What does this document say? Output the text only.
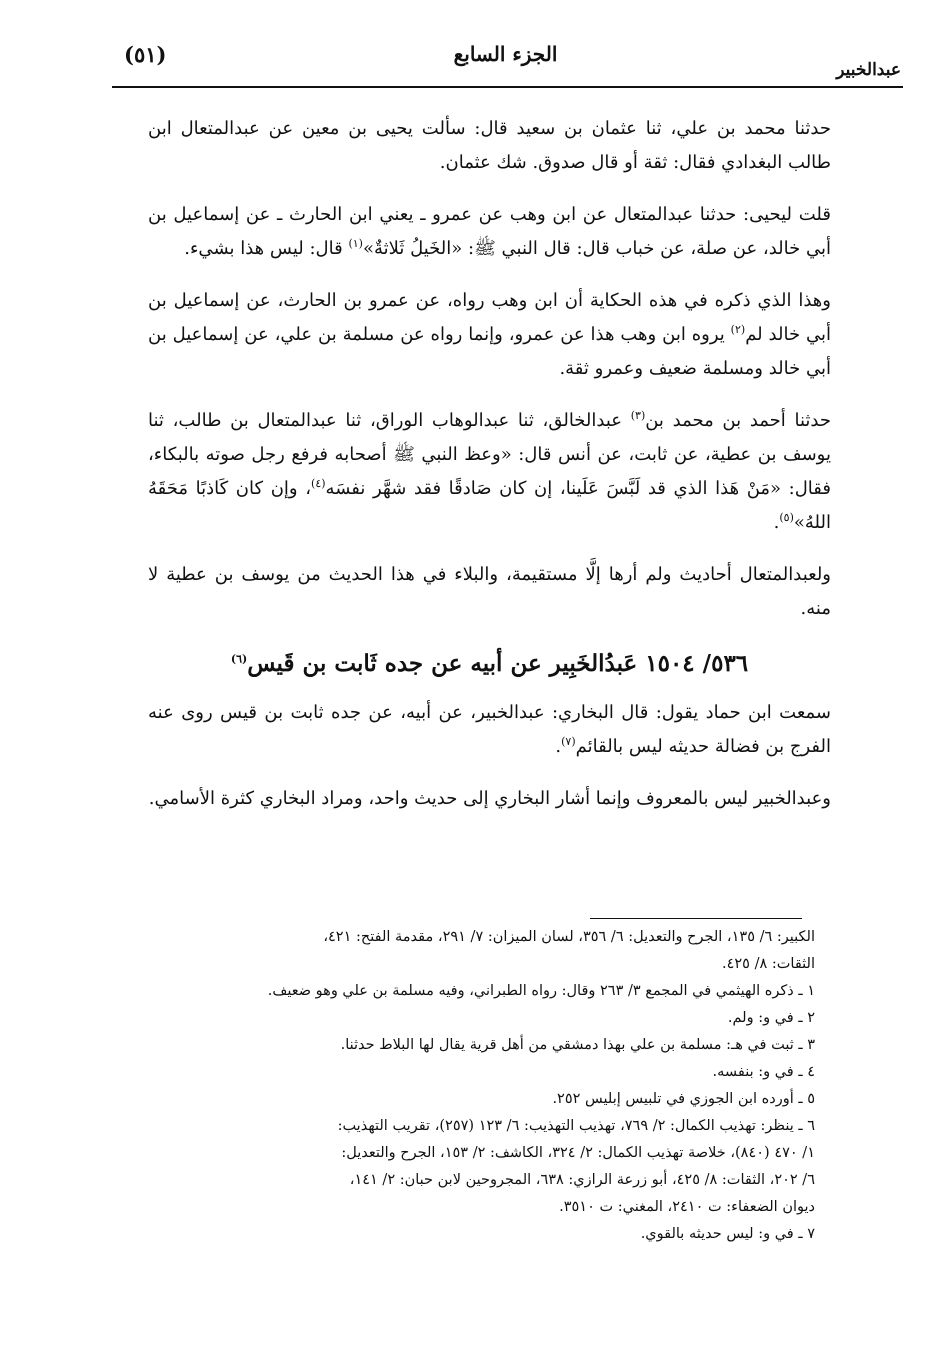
عبدالخبير
الجزء السابع
(٥١)

حدثنا محمد بن علي، ثنا عثمان بن سعيد قال: سألت يحيى بن معين عن عبدالمتعال ابن طالب البغدادي فقال: ثقة أو قال صدوق. شك عثمان.

قلت ليحيى: حدثنا عبدالمتعال عن ابن وهب عن عمرو ـ يعني ابن الحارث ـ عن إسماعيل بن أبي خالد، عن صلة، عن خباب قال: قال النبي ﷺ: «الخَيلُ ثَلاثةٌ»$^{(١)}$ قال: ليس هذا بشيء.

وهذا الذي ذكره في هذه الحكاية أن ابن وهب رواه، عن عمرو بن الحارث، عن إسماعيل بن أبي خالد لم$^{(٢)}$ يروه ابن وهب هذا عن عمرو، وإنما رواه عن مسلمة بن علي، عن إسماعيل بن أبي خالد ومسلمة ضعيف وعمرو ثقة.

حدثنا أحمد بن محمد بن$^{(٣)}$ عبدالخالق، ثنا عبدالوهاب الوراق، ثنا عبدالمتعال بن طالب، ثنا يوسف بن عطية، عن ثابت، عن أنس قال: «وعظ النبي ﷺ أصحابه فرفع رجل صوته بالبكاء، فقال: «مَنْ هَذا الذي قد لَبَّسَ عَلَينا، إن كان صَادقًا فقد شهَّر نفسَه$^{(٤)}$، وإن كان كَاذبًا مَحَقَهُ اللهُ»$^{(٥)}$.

ولعبدالمتعال أحاديث ولم أرها إلَّا مستقيمة، والبلاء في هذا الحديث من يوسف بن عطية لا منه.

٥٣٦/ ١٥٠٤ عَبدُالخَبِير عن أبيه عن جده ثَابت بن قَيس$^{(٦)}$

سمعت ابن حماد يقول: قال البخاري: عبدالخبير، عن أبيه، عن جده ثابت بن قيس روى عنه الفرج بن فضالة حديثه ليس بالقائم$^{(٧)}$.

وعبدالخبير ليس بالمعروف وإنما أشار البخاري إلى حديث واحد، ومراد البخاري كثرة الأسامي.

الكبير: ٦/ ١٣٥، الجرح والتعديل: ٦/ ٣٥٦، لسان الميزان: ٧/ ٢٩١، مقدمة الفتح: ٤٢١،

الثقات: ٨/ ٤٢٥.

١ ـ ذكره الهيثمي في المجمع ٣/ ٢٦٣ وقال: رواه الطبراني، وفيه مسلمة بن علي وهو ضعيف.

٢ ـ في و: ولم.

٣ ـ ثبت في هـ: مسلمة بن علي بهذا دمشقي من أهل قرية يقال لها البلاط حدثنا.

٤ ـ في و: بنفسه.

٥ ـ أورده ابن الجوزي في تلبيس إبليس ٢٥٢.

٦ ـ ينظر: تهذيب الكمال: ٢/ ٧٦٩، تهذيب التهذيب: ٦/ ١٢٣ (٢٥٧)، تقريب التهذيب:

١/ ٤٧٠ (٨٤٠)، خلاصة تهذيب الكمال: ٢/ ٣٢٤، الكاشف: ٢/ ١٥٣، الجرح والتعديل:

٦/ ٢٠٢، الثقات: ٨/ ٤٢٥، أبو زرعة الرازي: ٦٣٨، المجروحين لابن حبان: ٢/ ١٤١،

ديوان الضعفاء: ت ٢٤١٠، المغني: ت ٣٥١٠.

٧ ـ في و: ليس حديثه بالقوي.
